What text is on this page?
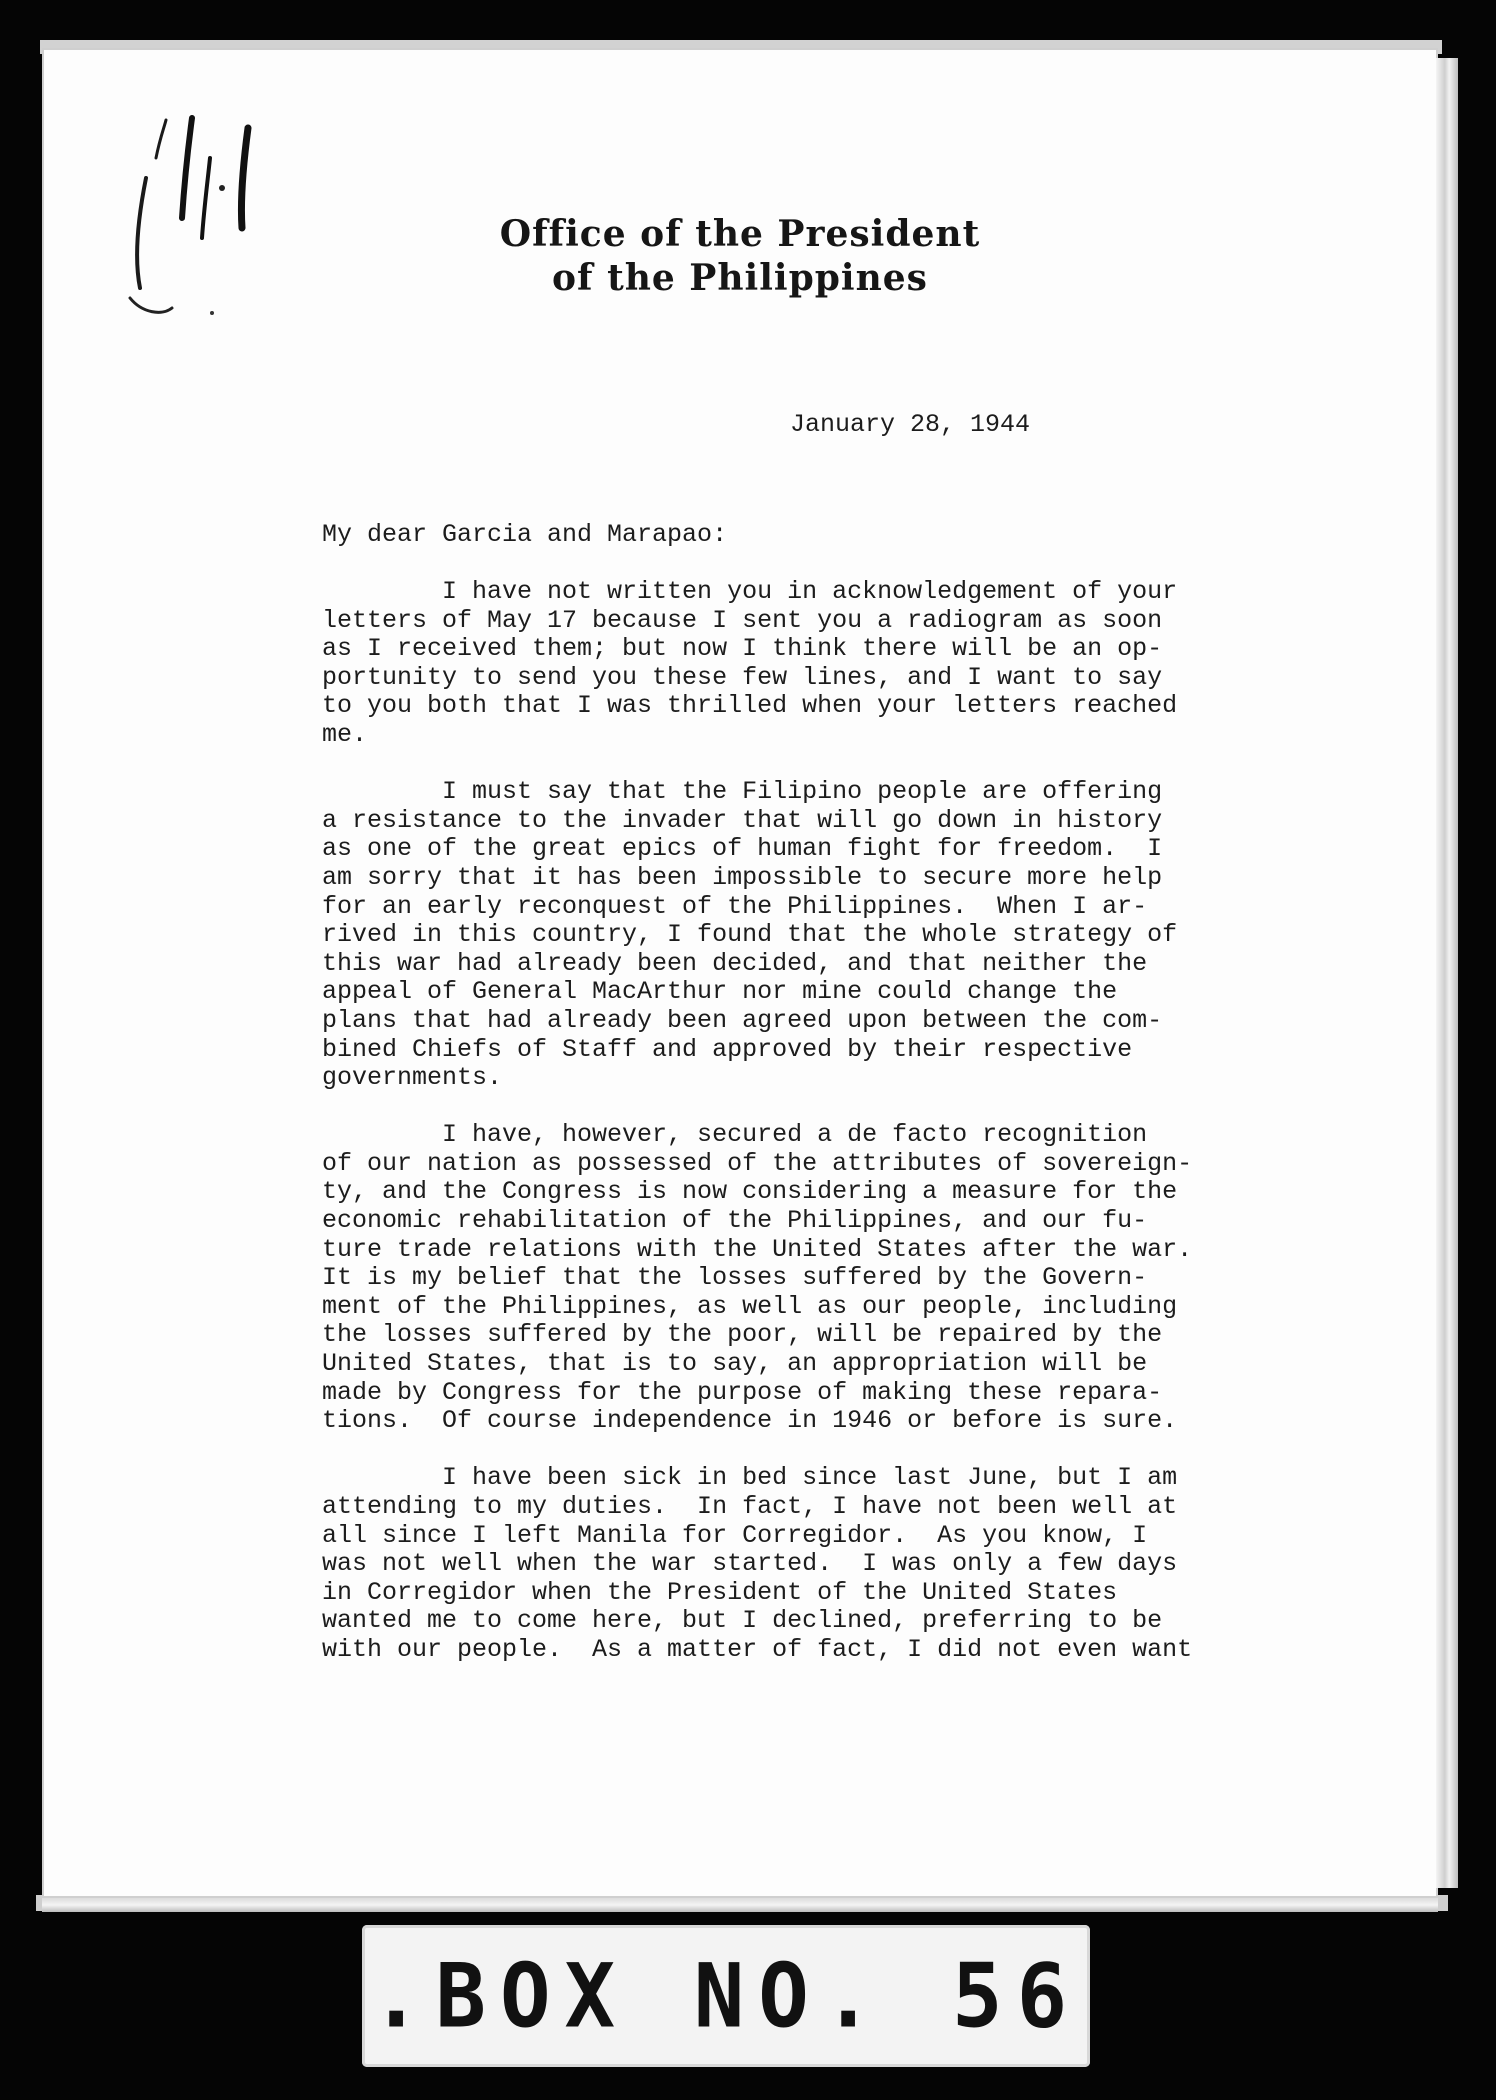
Office of the President
of the Philippines
January 28, 1944
My dear Garcia and Marapao:
I have not written you in acknowledgement of your
letters of May 17 because I sent you a radiogram as soon
as I received them; but now I think there will be an op-
portunity to send you these few lines, and I want to say
to you both that I was thrilled when your letters reached
me.
I must say that the Filipino people are offering
a resistance to the invader that will go down in history
as one of the great epics of human fight for freedom.  I
am sorry that it has been impossible to secure more help
for an early reconquest of the Philippines.  When I ar-
rived in this country, I found that the whole strategy of
this war had already been decided, and that neither the
appeal of General MacArthur nor mine could change the
plans that had already been agreed upon between the com-
bined Chiefs of Staff and approved by their respective
governments.
I have, however, secured a de facto recognition
of our nation as possessed of the attributes of sovereign-
ty, and the Congress is now considering a measure for the
economic rehabilitation of the Philippines, and our fu-
ture trade relations with the United States after the war.
It is my belief that the losses suffered by the Govern-
ment of the Philippines, as well as our people, including
the losses suffered by the poor, will be repaired by the
United States, that is to say, an appropriation will be
made by Congress for the purpose of making these repara-
tions.  Of course independence in 1946 or before is sure.
I have been sick in bed since last June, but I am
attending to my duties.  In fact, I have not been well at
all since I left Manila for Corregidor.  As you know, I
was not well when the war started.  I was only a few days
in Corregidor when the President of the United States
wanted me to come here, but I declined, preferring to be
with our people.  As a matter of fact, I did not even want
.BOX NO. 56
